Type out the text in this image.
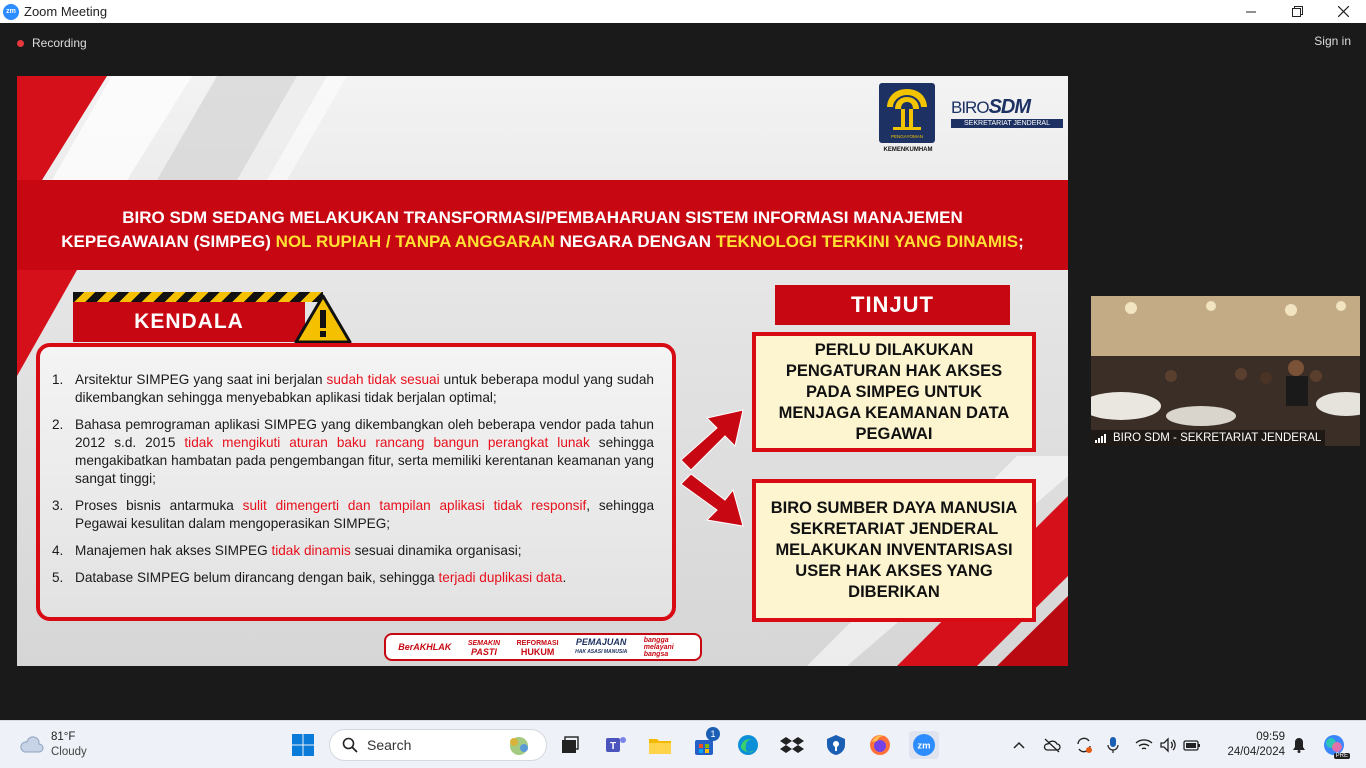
zm Zoom Meeting
Recording	Sign in
PENGAYOMAN
KEMENKUMHAM
BIROSDM
SEKRETARIAT JENDERAL
BIRO SDM SEDANG MELAKUKAN TRANSFORMASI/PEMBAHARUAN SISTEM INFORMASI MANAJEMEN
KEPEGAWAIAN (SIMPEG) NOL RUPIAH / TANPA ANGGARAN NEGARA DENGAN TEKNOLOGI TERKINI YANG DINAMIS;
KENDALA
1. Arsitektur SIMPEG yang saat ini berjalan sudah tidak sesuai untuk beberapa modul yang sudah dikembangkan sehingga menyebabkan aplikasi tidak berjalan optimal;
2. Bahasa pemrograman aplikasi SIMPEG yang dikembangkan oleh beberapa vendor pada tahun 2012 s.d. 2015 tidak mengikuti aturan baku rancang bangun perangkat lunak sehingga mengakibatkan hambatan pada pengembangan fitur, serta memiliki kerentanan keamanan yang sangat tinggi;
3. Proses bisnis antarmuka sulit dimengerti dan tampilan aplikasi tidak responsif, sehingga Pegawai kesulitan dalam mengoperasikan SIMPEG;
4. Manajemen hak akses SIMPEG tidak dinamis sesuai dinamika organisasi;
5. Database SIMPEG belum dirancang dengan baik, sehingga terjadi duplikasi data.
TINJUT
PERLU DILAKUKAN PENGATURAN HAK AKSES PADA SIMPEG UNTUK MENJAGA KEAMANAN DATA PEGAWAI
BIRO SUMBER DAYA MANUSIA SEKRETARIAT JENDERAL MELAKUKAN INVENTARISASI USER HAK AKSES YANG DIBERIKAN
BerAKHLAK SEMAKIN
PASTI
REFORMASI
HUKUM
PEMAJUAN
HAK ASASI MANUSIA
bangga melayani bangsa
BIRO SDM - SEKRETARIAT JENDERAL
81°F
Cloudy	Search	T
1
zm
09:59
24/04/2024	PRE
